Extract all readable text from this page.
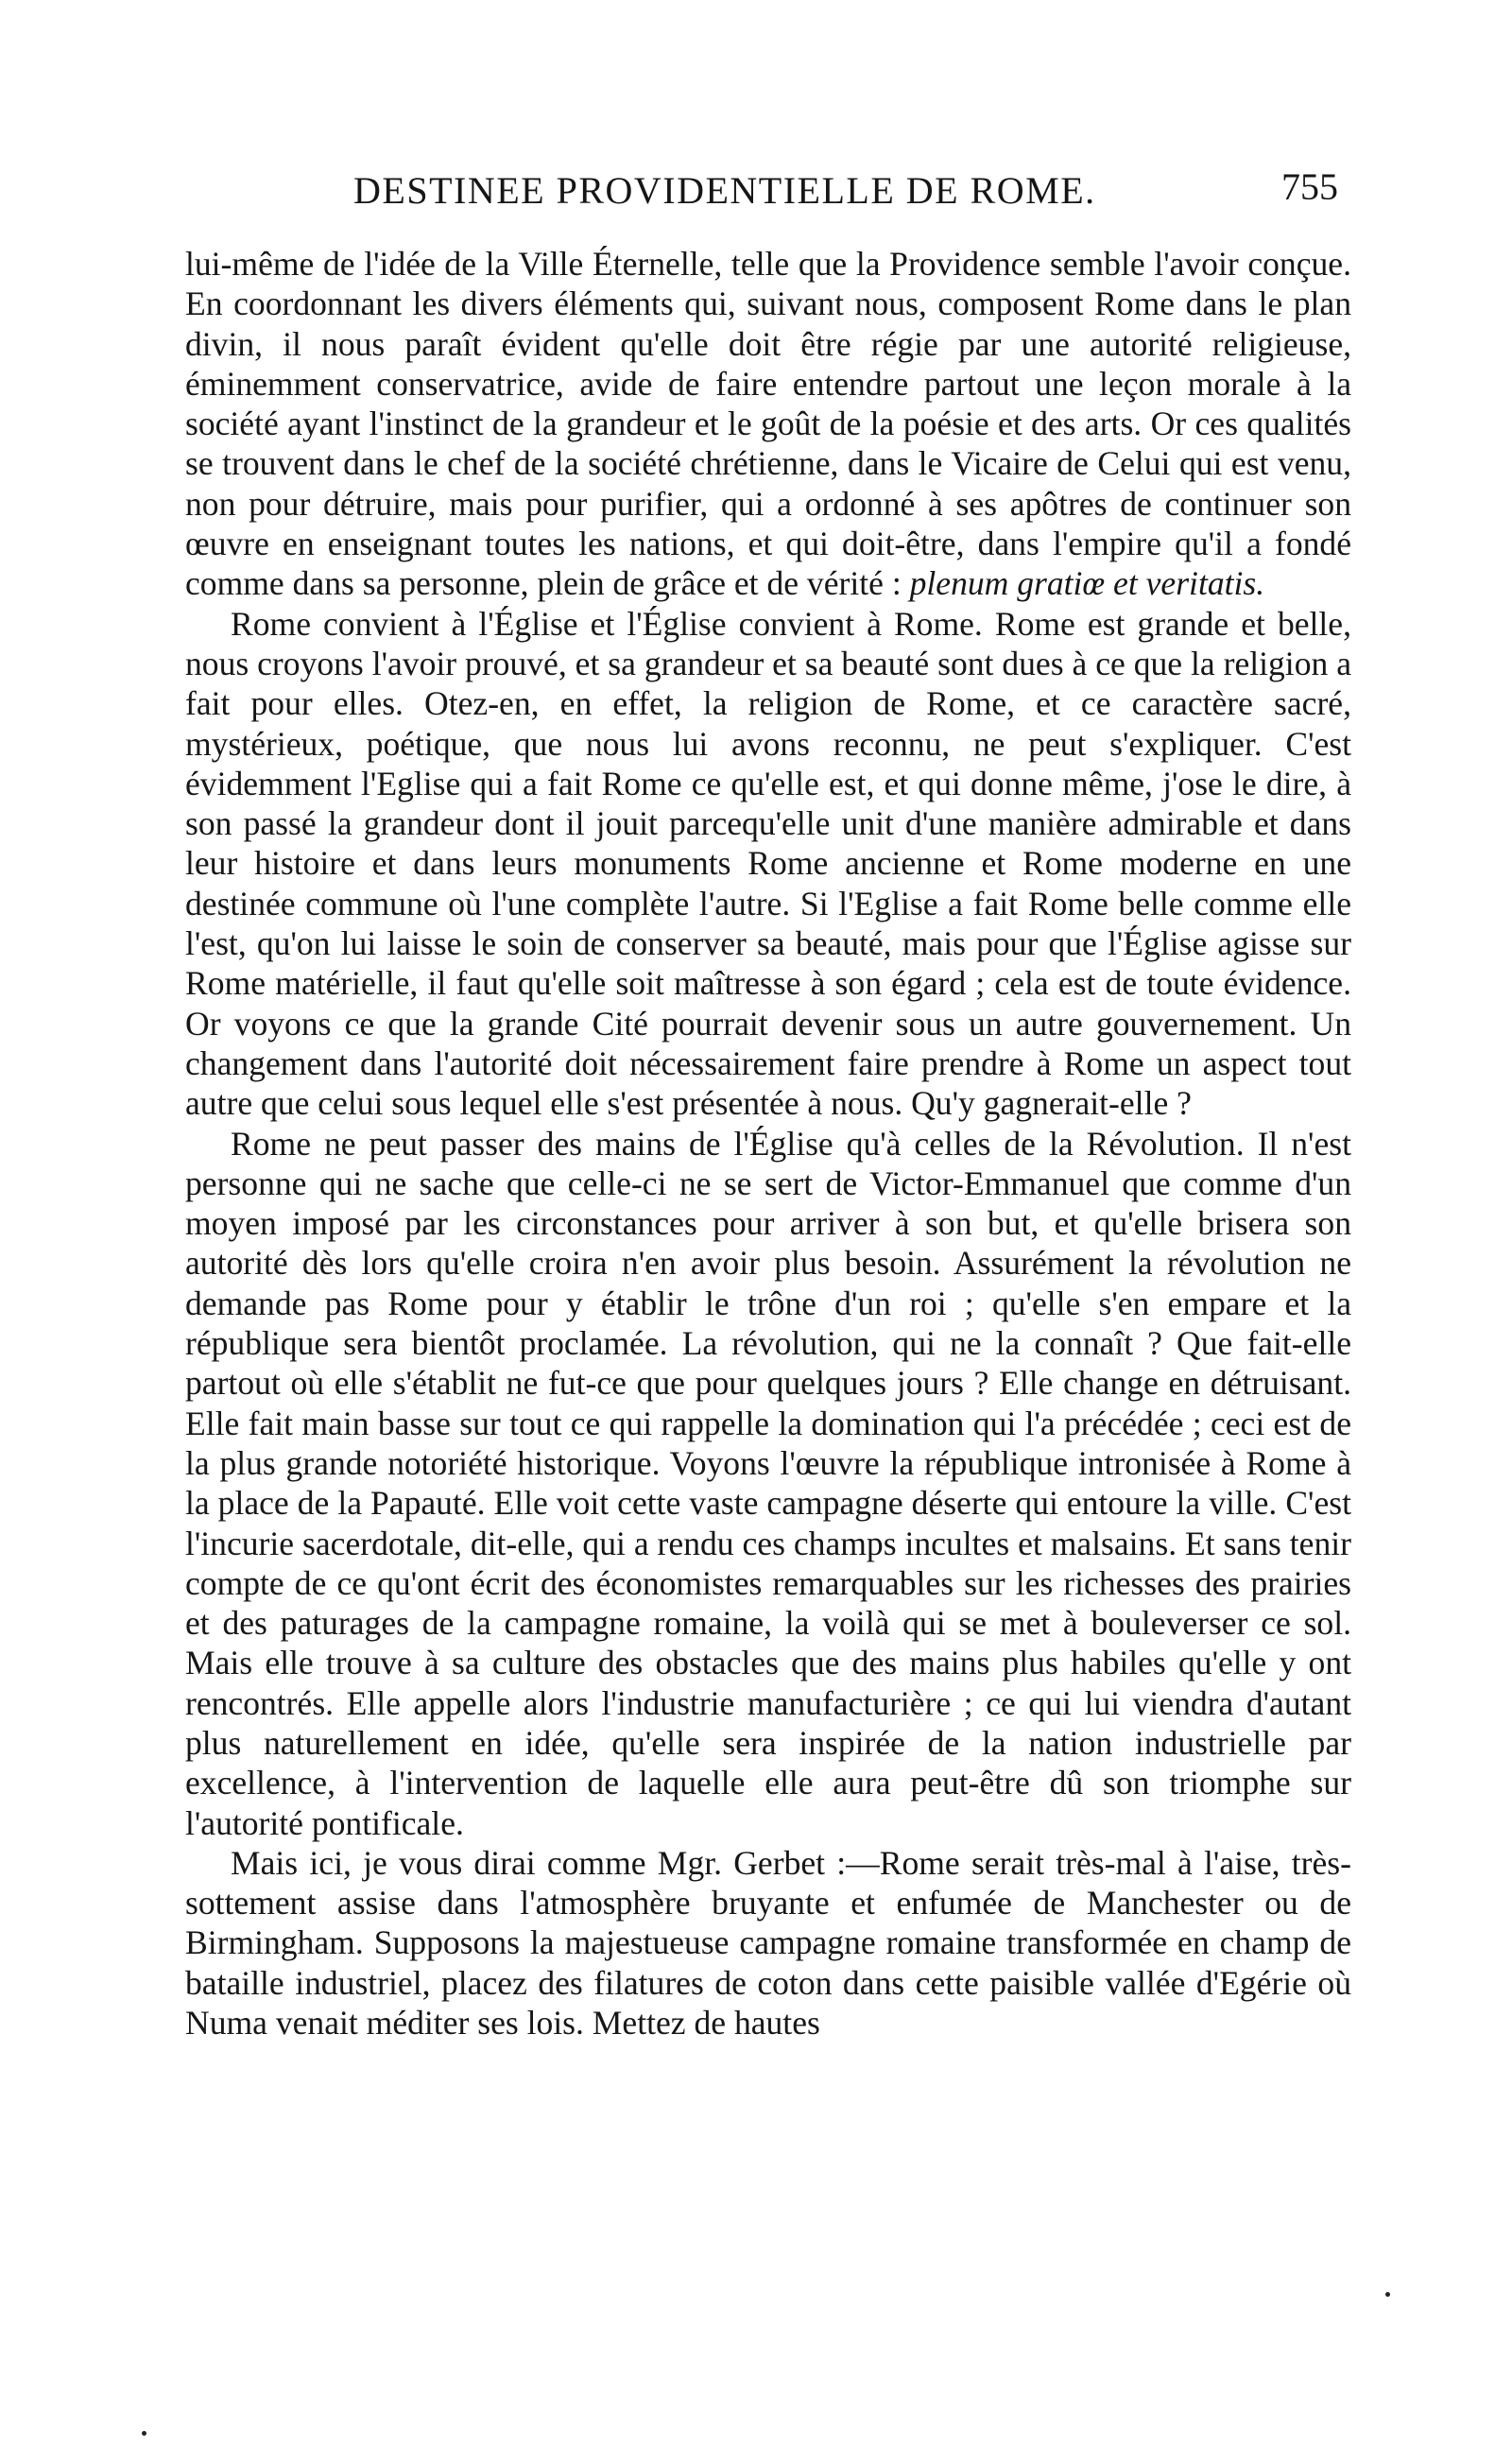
DESTINEE PROVIDENTIELLE DE ROME.	755

lui-même de l'idée de la Ville Éternelle, telle que la Providence semble l'avoir conçue. En coordonnant les divers éléments qui, suivant nous, composent Rome dans le plan divin, il nous paraît évident qu'elle doit être régie par une autorité religieuse, éminemment conservatrice, avide de faire entendre partout une leçon morale à la société ayant l'instinct de la grandeur et le goût de la poésie et des arts. Or ces qualités se trouvent dans le chef de la société chrétienne, dans le Vicaire de Celui qui est venu, non pour détruire, mais pour purifier, qui a ordonné à ses apôtres de continuer son œuvre en enseignant toutes les nations, et qui doit-être, dans l'empire qu'il a fondé comme dans sa personne, plein de grâce et de vérité : plenum gratiœ et veritatis.

Rome convient à l'Église et l'Église convient à Rome. Rome est grande et belle, nous croyons l'avoir prouvé, et sa grandeur et sa beauté sont dues à ce que la religion a fait pour elles. Otez-en, en effet, la religion de Rome, et ce caractère sacré, mystérieux, poétique, que nous lui avons reconnu, ne peut s'expliquer. C'est évidemment l'Eglise qui a fait Rome ce qu'elle est, et qui donne même, j'ose le dire, à son passé la grandeur dont il jouit parcequ'elle unit d'une manière admirable et dans leur histoire et dans leurs monuments Rome ancienne et Rome moderne en une destinée commune où l'une complète l'autre. Si l'Eglise a fait Rome belle comme elle l'est, qu'on lui laisse le soin de conserver sa beauté, mais pour que l'Église agisse sur Rome matérielle, il faut qu'elle soit maîtresse à son égard ; cela est de toute évidence. Or voyons ce que la grande Cité pourrait devenir sous un autre gouvernement. Un changement dans l'autorité doit nécessairement faire prendre à Rome un aspect tout autre que celui sous lequel elle s'est présentée à nous. Qu'y gagnerait-elle ?

Rome ne peut passer des mains de l'Église qu'à celles de la Révolution. Il n'est personne qui ne sache que celle-ci ne se sert de Victor-Emmanuel que comme d'un moyen imposé par les circonstances pour arriver à son but, et qu'elle brisera son autorité dès lors qu'elle croira n'en avoir plus besoin. Assurément la révolution ne demande pas Rome pour y établir le trône d'un roi ; qu'elle s'en empare et la république sera bientôt proclamée. La révolution, qui ne la connaît ? Que fait-elle partout où elle s'établit ne fut-ce que pour quelques jours ? Elle change en détruisant. Elle fait main basse sur tout ce qui rappelle la domination qui l'a précédée ; ceci est de la plus grande notoriété historique. Voyons l'œuvre la république intronisée à Rome à la place de la Papauté. Elle voit cette vaste campagne déserte qui entoure la ville. C'est l'incurie sacerdotale, dit-elle, qui a rendu ces champs incultes et malsains. Et sans tenir compte de ce qu'ont écrit des économistes remarquables sur les richesses des prairies et des paturages de la campagne romaine, la voilà qui se met à bouleverser ce sol. Mais elle trouve à sa culture des obstacles que des mains plus habiles qu'elle y ont rencontrés. Elle appelle alors l'industrie manufacturière ; ce qui lui viendra d'autant plus naturellement en idée, qu'elle sera inspirée de la nation industrielle par excellence, à l'intervention de laquelle elle aura peut-être dû son triomphe sur l'autorité pontificale.

Mais ici, je vous dirai comme Mgr. Gerbet :—Rome serait très-mal à l'aise, très-sottement assise dans l'atmosphère bruyante et enfumée de Manchester ou de Birmingham. Supposons la majestueuse campagne romaine transformée en champ de bataille industriel, placez des filatures de coton dans cette paisible vallée d'Egérie où Numa venait méditer ses lois. Mettez de hautes
